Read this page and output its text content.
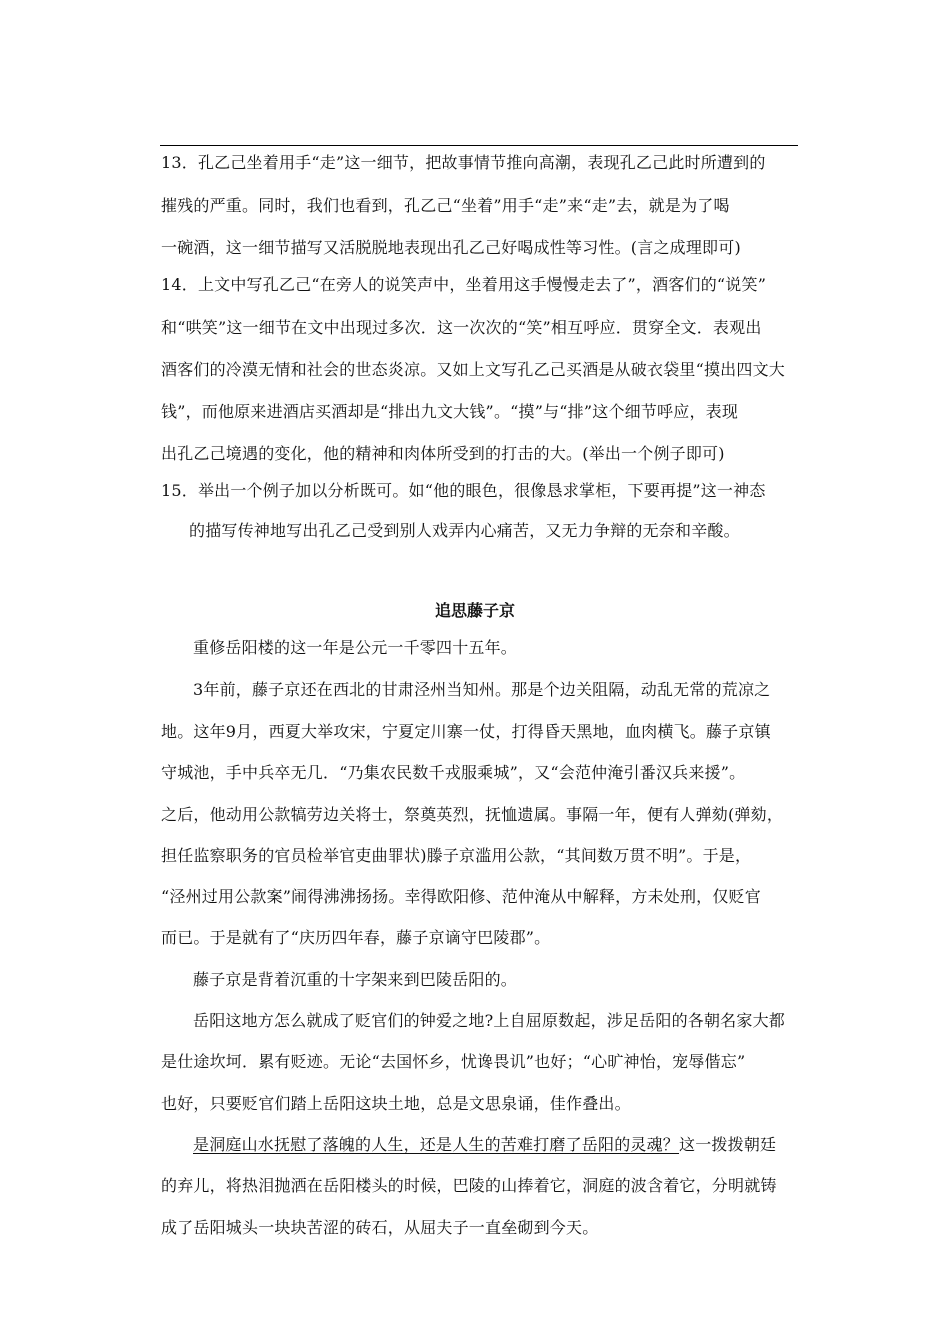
13．孔乙己坐着用手“走”这一细节，把故事情节推向高潮，表现孔乙己此时所遭到的
摧残的严重。同时，我们也看到，孔乙己“坐着”用手“走”来“走”去，就是为了喝
一碗酒，这一细节描写又活脱脱地表现出孔乙己好喝成性等习性。(言之成理即可)
14．上文中写孔乙己“在旁人的说笑声中，坐着用这手慢慢走去了”，酒客们的“说笑”
和“哄笑”这一细节在文中出现过多次．这一次次的“笑”相互呼应．贯穿全文．表观出
酒客们的冷漠无情和社会的世态炎凉。又如上文写孔乙己买酒是从破衣袋里“摸出四文大
钱”，而他原来进酒店买酒却是“排出九文大钱”。“摸”与“排”这个细节呼应，表现
出孔乙己境遇的变化，他的精神和肉体所受到的打击的大。(举出一个例子即可)
15．举出一个例子加以分析既可。如“他的眼色，很像恳求掌柜，下要再提”这一神态
的描写传神地写出孔乙己受到别人戏弄内心痛苦，又无力争辩的无奈和辛酸。
追思藤子京
重修岳阳楼的这一年是公元一千零四十五年。
3年前，藤子京还在西北的甘肃泾州当知州。那是个边关阻隔，动乱无常的荒凉之
地。这年9月，西夏大举攻宋，宁夏定川寨一仗，打得昏天黑地，血肉横飞。藤子京镇
守城池，手中兵卒无几．“乃集农民数千戎服乘城”，又“会范仲淹引番汉兵来援”。
之后，他动用公款犒劳边关将士，祭奠英烈，抚恤遗属。事隔一年，便有人弹劾(弹劾，
担任监察职务的官员检举官吏曲罪状)滕子京滥用公款，“其间数万贯不明”。于是，
“泾州过用公款案”闹得沸沸扬扬。幸得欧阳修、范仲淹从中解释，方未处刑，仅贬官
而已。于是就有了“庆历四年春，藤子京谪守巴陵郡”。
藤子京是背着沉重的十字架来到巴陵岳阳的。
岳阳这地方怎么就成了贬官们的钟爱之地?上自屈原数起，涉足岳阳的各朝名家大都
是仕途坎坷．累有贬迹。无论“去国怀乡，忧谗畏讥”也好；“心旷神怡，宠辱偕忘”
也好，只要贬官们踏上岳阳这块土地，总是文思泉诵，佳作叠出。
是洞庭山水抚慰了落魄的人生，还是人生的苦难打磨了岳阳的灵魂？这一拨拨朝廷
的弃儿，将热泪抛洒在岳阳楼头的时候，巴陵的山捧着它，洞庭的波含着它，分明就铸
成了岳阳城头一块块苦涩的砖石，从屈夫子一直垒砌到今天。
